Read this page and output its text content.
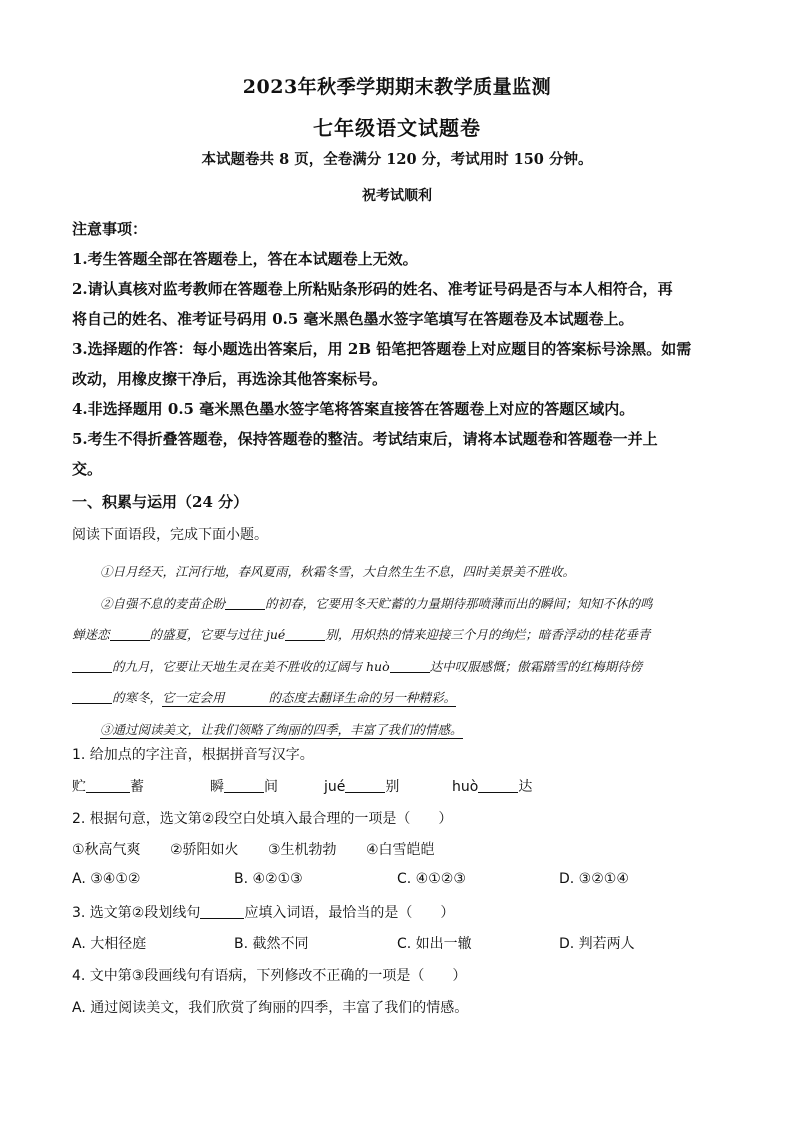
2023年秋季学期期末教学质量监测
七年级语文试题卷
本试题卷共 8 页，全卷满分 120 分，考试用时 150 分钟。
祝考试顺利

注意事项：

1.考生答题全部在答题卷上，答在本试题卷上无效。

2.请认真核对监考教师在答题卷上所粘贴条形码的姓名、准考证号码是否与本人相符合，再

将自己的姓名、准考证号码用 0.5 毫米黑色墨水签字笔填写在答题卷及本试题卷上。

3.选择题的作答：每小题选出答案后，用 2B 铅笔把答题卷上对应题目的答案标号涂黑。如需

改动，用橡皮擦干净后，再选涂其他答案标号。

4.非选择题用 0.5 毫米黑色墨水签字笔将答案直接答在答题卷上对应的答题区域内。

5.考生不得折叠答题卷，保持答题卷的整洁。考试结束后，请将本试题卷和答题卷一并上

交。

一、积累与运用（24 分）
阅读下面语段，完成下面小题。

①日月经天，江河行地，春风夏雨，秋霜冬雪，大自然生生不息，四时美景美不胜收。

②自强不息的麦苗企盼	的初春，它要用冬天贮蓄的力量期待那喷薄而出的瞬间；知知不休的鸣

蝉迷恋	的盛夏，它要与过往 jué	别，用炽热的情来迎接三个月的绚烂；暗香浮动的桂花垂青

的九月，它要让天地生灵在美不胜收的辽阔与 huò	达中叹服感慨；傲霜踏雪的红梅期待傍

的寒冬，它一定会用	的态度去翻译生命的另一种精彩。

③通过阅读美文，让我们领略了绚丽的四季，丰富了我们的情感。

1. 给加点的字注音，根据拼音写汉字。
贮	蓄	瞬	间	jué	别	huò	达
2. 根据句意，选文第②段空白处填入最合理的一项是（　　）
①秋高气爽 ②骄阳如火 ③生机勃勃 ④白雪皑皑
A. ③④①②	B. ④②①③	C. ④①②③	D. ③②①④
3. 选文第②段划线句	应填入词语，最恰当的是（　　）
A. 大相径庭	B. 截然不同	C. 如出一辙	D. 判若两人
4. 文中第③段画线句有语病，下列修改不正确的一项是（　　）
A. 通过阅读美文，我们欣赏了绚丽的四季，丰富了我们的情感。
